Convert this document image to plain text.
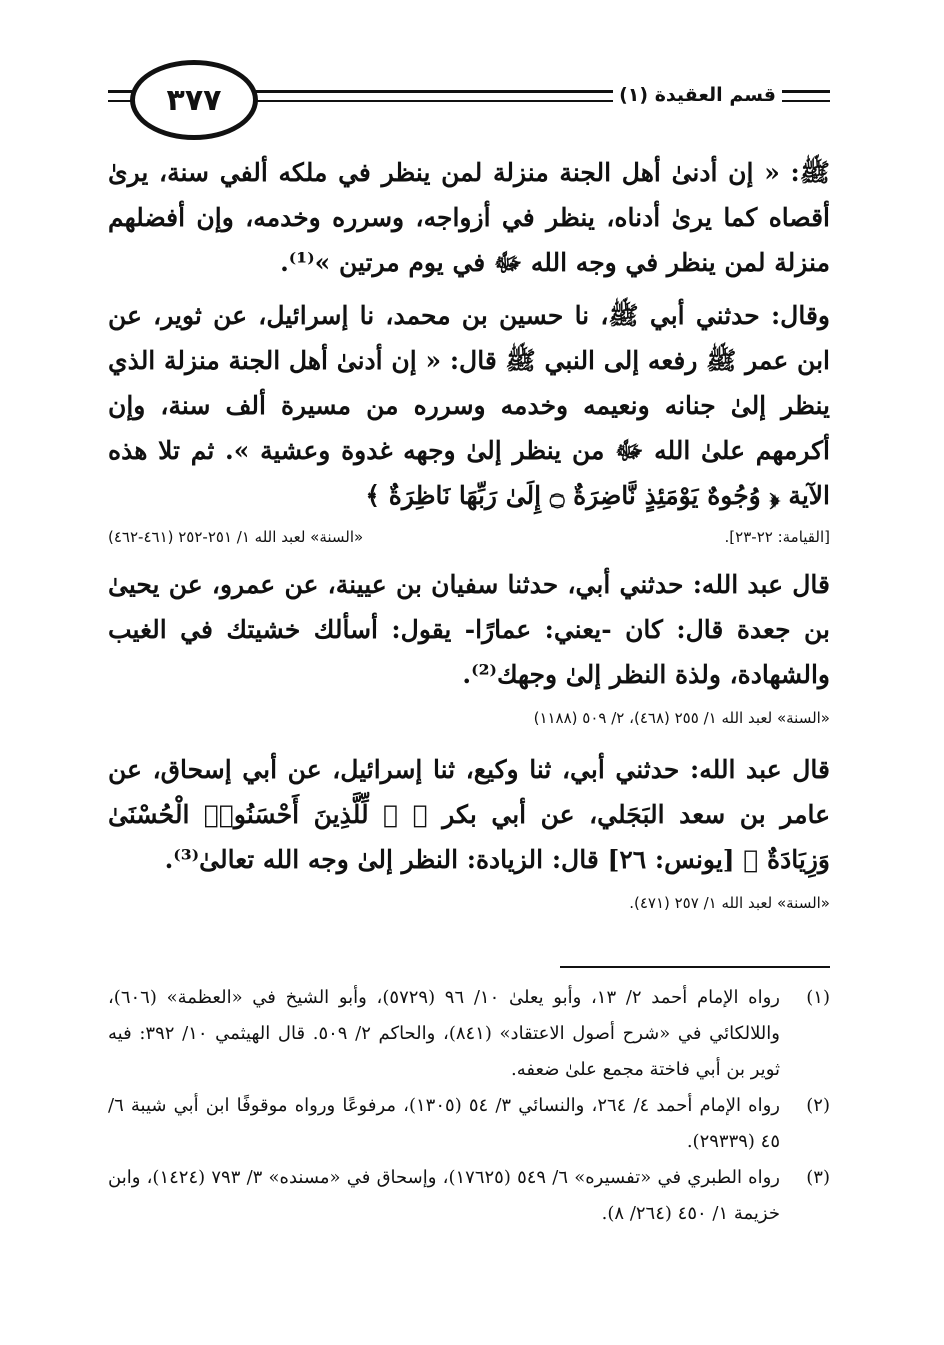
٣٧٧	قسم العقيدة (١)

ﷺ: « إن أدنىٰ أهل الجنة منزلة لمن ينظر في ملكه ألفي سنة، يرىٰ أقصاه كما يرىٰ أدناه، ينظر في أزواجه، وسرره وخدمه، وإن أفضلهم منزلة لمن ينظر في وجه الله ﷻ في يوم مرتين »⁽¹⁾.

وقال: حدثني أبي ﷺ، نا حسين بن محمد، نا إسرائيل، عن ثوير، عن ابن عمر ﷺ رفعه إلى النبي ﷺ قال: « إن أدنىٰ أهل الجنة منزلة الذي ينظر إلىٰ جنانه ونعيمه وخدمه وسرره من مسيرة ألف سنة، وإن أكرمهم علىٰ الله ﷻ من ينظر إلىٰ وجهه غدوة وعشية ». ثم تلا هذه الآية ﴿ وُجُوهٌ يَوْمَئِذٍ نَّاضِرَةٌ ۝ إِلَىٰ رَبِّهَا نَاظِرَةٌ ﴾

[القيامة: ٢٢-٢٣].
«السنة» لعبد الله ١/ ٢٥١-٢٥٢ (٤٦١-٤٦٢)

قال عبد الله: حدثني أبي، حدثنا سفيان بن عيينة، عن عمرو، عن يحيىٰ بن جعدة قال: كان -يعني: عمارًا- يقول: أسألك خشيتك في الغيب والشهادة، ولذة النظر إلىٰ وجهك⁽²⁾.

«السنة» لعبد الله ١/ ٢٥٥ (٤٦٨)، ٢/ ٥٠٩ (١١٨٨)

قال عبد الله: حدثني أبي، ثنا وكيع، ثنا إسرائيل، عن أبي إسحاق، عن عامر بن سعد البَجَلي، عن أبي بكر ﷺ ﴿ لِّلَّذِينَ أَحْسَنُوا۟ الْحُسْنَىٰ وَزِيَادَةٌ ﴾ [يونس: ٢٦] قال: الزيادة: النظر إلىٰ وجه الله تعالىٰ⁽³⁾.

«السنة» لعبد الله ١/ ٢٥٧ (٤٧١).
(١)
رواه الإمام أحمد ٢/ ١٣، وأبو يعلىٰ ١٠/ ٩٦ (٥٧٢٩)، وأبو الشيخ في «العظمة» (٦٠٦)، واللالكائي في «شرح أصول الاعتقاد» (٨٤١)، والحاكم ٢/ ٥٠٩. قال الهيثمي ١٠/ ٣٩٢: فيه ثوير بن أبي فاختة مجمع علىٰ ضعفه.
(٢)
رواه الإمام أحمد ٤/ ٢٦٤، والنسائي ٣/ ٥٤ (١٣٠٥)، مرفوعًا ورواه موقوفًا ابن أبي شيبة ٦/ ٤٥ (٢٩٣٣٩).
(٣)
رواه الطبري في «تفسيره» ٦/ ٥٤٩ (١٧٦٢٥)، وإسحاق في «مسنده» ٣/ ٧٩٣ (١٤٢٤)، وابن خزيمة ١/ ٤٥٠ (٢٦٤/ ٨).
